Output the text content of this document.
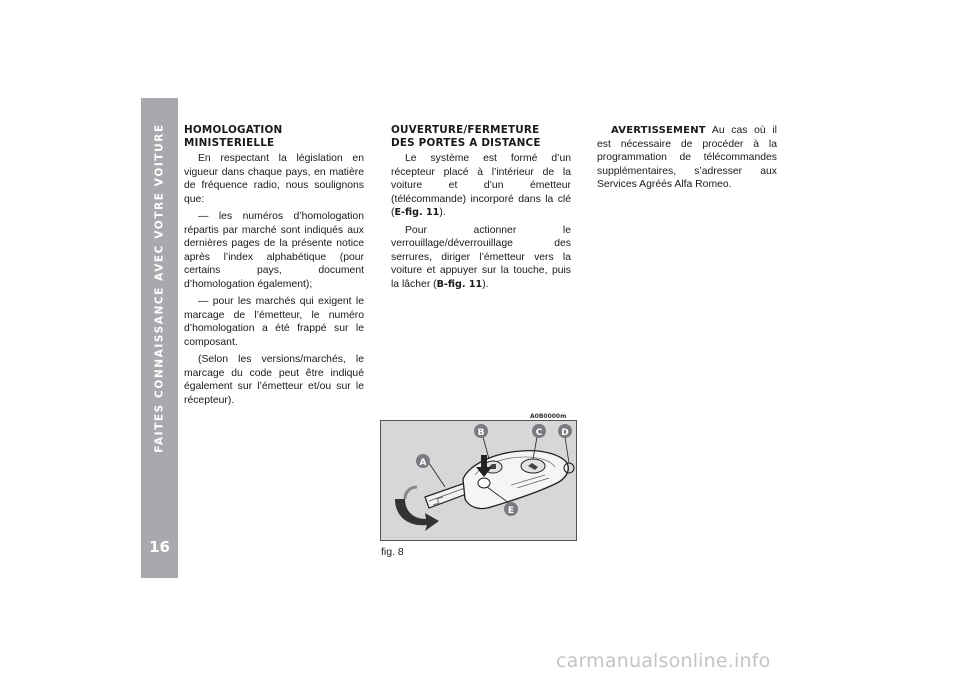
FAITES CONNAISSANCE AVEC VOTRE VOITURE
16
HOMOLOGATION
MINISTERIELLE

En respectant la législation en vigueur dans chaque pays, en matière de fréquence radio, nous soulignons que:

— les numéros d’homologation répartis par marché sont indiqués aux dernières pages de la présente notice après l’index alphabétique (pour certains pays, document d’homologation également);

— pour les marchés qui exigent le marcage de l’émetteur, le numéro d’homologation a été frappé sur le composant.

(Selon les versions/marchés, le marcage du code peut être indiqué également sur l’émetteur et/ou sur le récepteur).

OUVERTURE/FERMETURE
DES PORTES A DISTANCE

Le système est formé d’un récepteur placé à l’intérieur de la voiture et d’un émetteur (télécommande) incorporé dans la clé (E-fig. 11).

Pour actionner le verrouillage/déverrouillage des serrures, diriger l’émetteur vers la voiture et appuyer sur la touche, puis la lâcher (B-fig. 11).

AVERTISSEMENT Au cas où il est nécessaire de procéder à la programmation de télécommandes supplémentaires, s’adresser aux Services Agréés Alfa Romeo.

A0B0000m
A
B	C D
E
fig. 8
carmanualsonline.info
